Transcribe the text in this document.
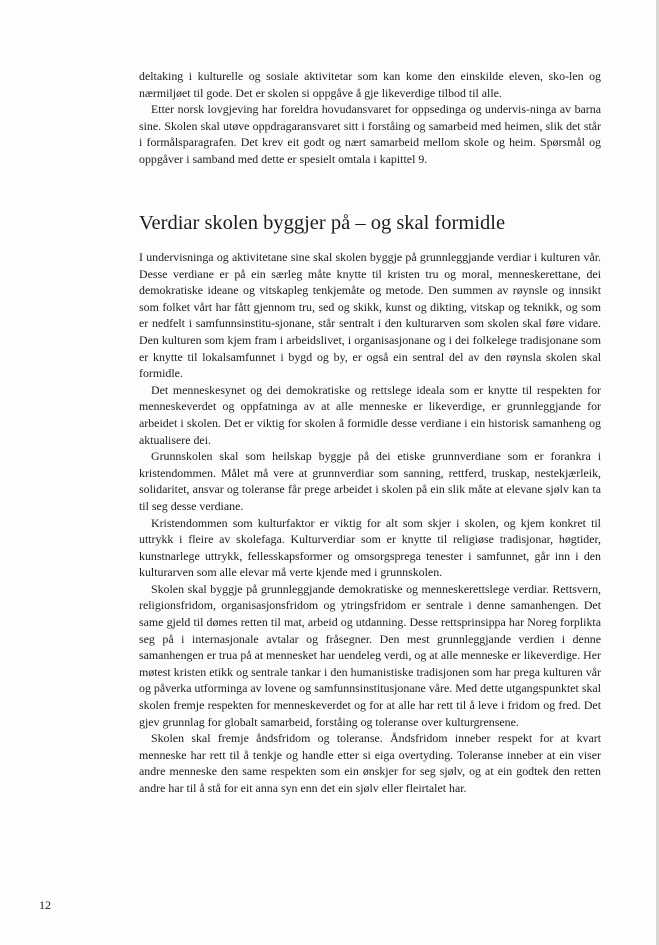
deltaking i kulturelle og sosiale aktivitetar som kan kome den einskilde eleven, sko-len og nærmiljøet til gode. Det er skolen si oppgåve å gje likeverdige tilbod til alle.

Etter norsk lovgjeving har foreldra hovudansvaret for oppsedinga og undervis-ninga av barna sine. Skolen skal utøve oppdragaransvaret sitt i forståing og samarbeid med heimen, slik det står i formålsparagrafen. Det krev eit godt og nært samarbeid mellom skole og heim. Spørsmål og oppgåver i samband med dette er spesielt omtala i kapittel 9.

Verdiar skolen byggjer på – og skal formidle

I undervisninga og aktivitetane sine skal skolen byggje på grunnleggjande verdiar i kulturen vår. Desse verdiane er på ein særleg måte knytte til kristen tru og moral, menneskerettane, dei demokratiske ideane og vitskapleg tenkjemåte og metode. Den summen av røynsle og innsikt som folket vårt har fått gjennom tru, sed og skikk, kunst og dikting, vitskap og teknikk, og som er nedfelt i samfunnsinstitu-sjonane, står sentralt i den kulturarven som skolen skal føre vidare. Den kulturen som kjem fram i arbeidslivet, i organisasjonane og i dei folkelege tradisjonane som er knytte til lokalsamfunnet i bygd og by, er også ein sentral del av den røynsla skolen skal formidle.

Det menneskesynet og dei demokratiske og rettslege ideala som er knytte til respekten for menneskeverdet og oppfatninga av at alle menneske er likeverdige, er grunnleggjande for arbeidet i skolen. Det er viktig for skolen å formidle desse verdiane i ein historisk samanheng og aktualisere dei.

Grunnskolen skal som heilskap byggje på dei etiske grunnverdiane som er forankra i kristendommen. Målet må vere at grunnverdiar som sanning, rettferd, truskap, nestekjærleik, solidaritet, ansvar og toleranse får prege arbeidet i skolen på ein slik måte at elevane sjølv kan ta til seg desse verdiane.

Kristendommen som kulturfaktor er viktig for alt som skjer i skolen, og kjem konkret til uttrykk i fleire av skolefaga. Kulturverdiar som er knytte til religiøse tradisjonar, høgtider, kunstnarlege uttrykk, fellesskapsformer og omsorgsprega tenester i samfunnet, går inn i den kulturarven som alle elevar må verte kjende med i grunnskolen.

Skolen skal byggje på grunnleggjande demokratiske og menneskerettslege verdiar. Rettsvern, religionsfridom, organisasjonsfridom og ytringsfridom er sentrale i denne samanhengen. Det same gjeld til dømes retten til mat, arbeid og utdanning. Desse rettsprinsippa har Noreg forplikta seg på i internasjonale avtalar og fråsegner. Den mest grunnleggjande verdien i denne samanhengen er trua på at mennesket har uendeleg verdi, og at alle menneske er likeverdige. Her møtest kristen etikk og sentrale tankar i den humanistiske tradisjonen som har prega kulturen vår og påverka utforminga av lovene og samfunnsinstitusjonane våre. Med dette utgangspunktet skal skolen fremje respekten for menneskeverdet og for at alle har rett til å leve i fridom og fred. Det gjev grunnlag for globalt samarbeid, forståing og toleranse over kulturgrensene.

Skolen skal fremje åndsfridom og toleranse. Åndsfridom inneber respekt for at kvart menneske har rett til å tenkje og handle etter si eiga overtyding. Toleranse inneber at ein viser andre menneske den same respekten som ein ønskjer for seg sjølv, og at ein godtek den retten andre har til å stå for eit anna syn enn det ein sjølv eller fleirtalet har.

12
